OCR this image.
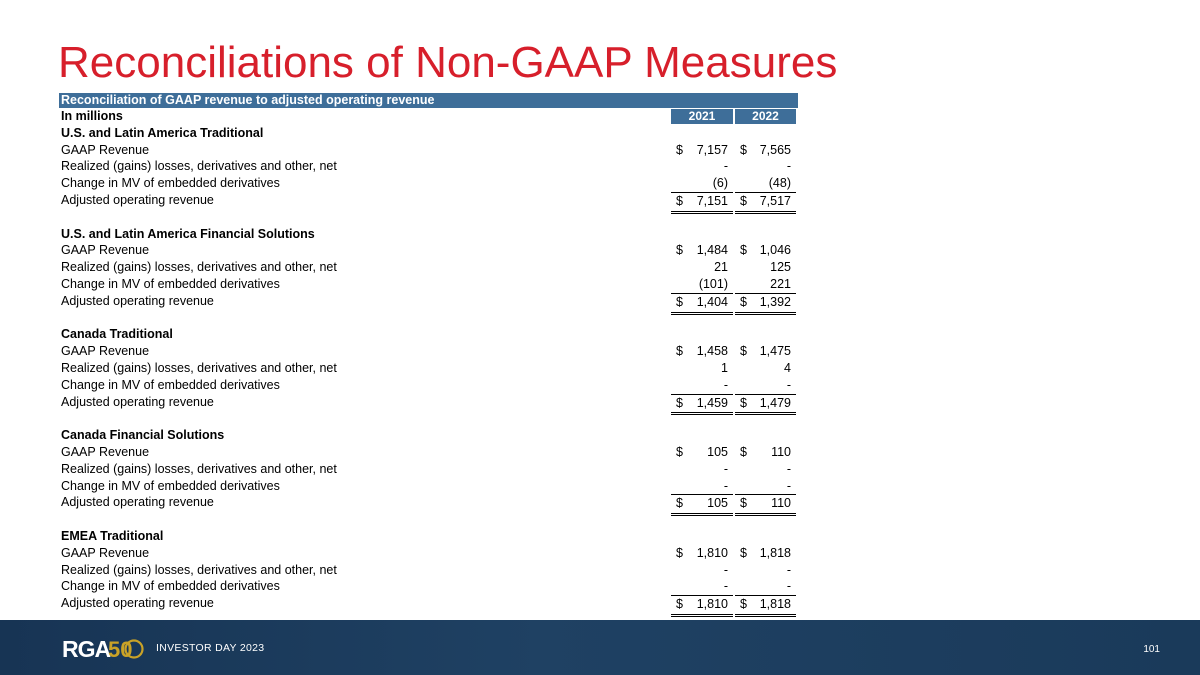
Reconciliations of Non-GAAP Measures
Reconciliation of GAAP revenue to adjusted operating revenue
In millions	2021	2022
U.S. and Latin America Traditional
GAAP Revenue	$ 7,157 $ 7,565
Realized (gains) losses, derivatives and other, net	-	-
Change in MV of embedded derivatives	(6)	(48)
Adjusted operating revenue	$ 7,151 $ 7,517
U.S. and Latin America Financial Solutions
GAAP Revenue	$ 1,484 $ 1,046
Realized (gains) losses, derivatives and other, net	21	125
Change in MV of embedded derivatives	(101)	221
Adjusted operating revenue	$ 1,404 $ 1,392
Canada Traditional
GAAP Revenue	$ 1,458 $ 1,475
Realized (gains) losses, derivatives and other, net	1	4
Change in MV of embedded derivatives	-	-
Adjusted operating revenue	$ 1,459 $ 1,479
Canada Financial Solutions
GAAP Revenue	$ 105 $ 110
Realized (gains) losses, derivatives and other, net	-	-
Change in MV of embedded derivatives	-	-
Adjusted operating revenue	$ 105 $ 110
EMEA Traditional
GAAP Revenue	$ 1,810 $ 1,818
Realized (gains) losses, derivatives and other, net	-	-
Change in MV of embedded derivatives	-	-
Adjusted operating revenue	$ 1,810 $ 1,818
RGA
50 INVESTOR DAY 2023	101
